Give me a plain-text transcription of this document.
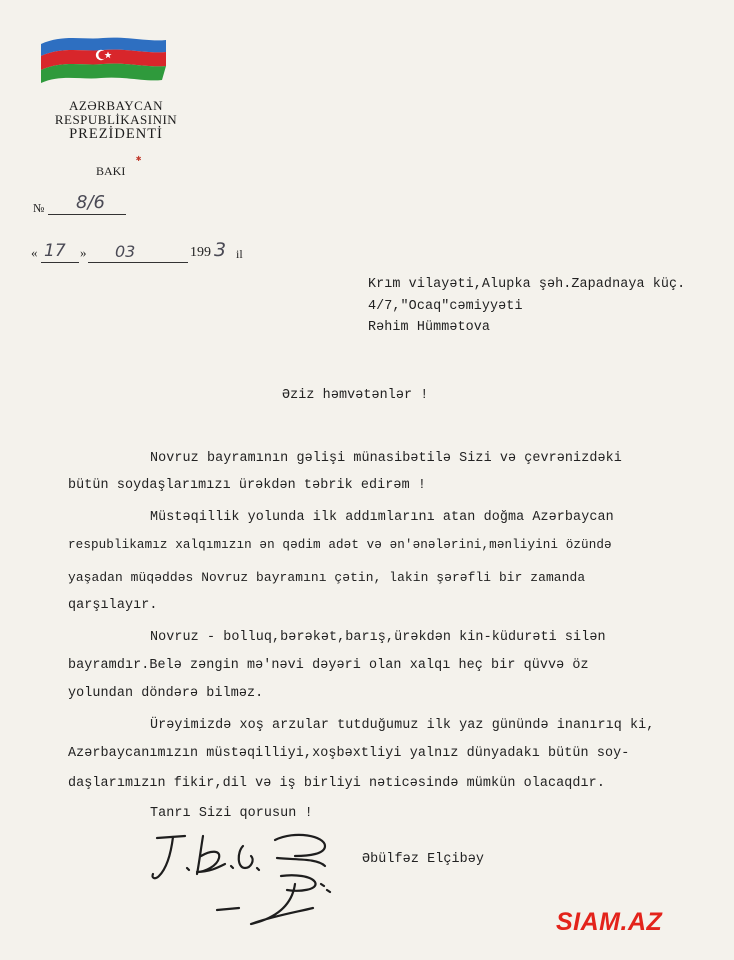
AZƏRBAYCAN
RESPUBLİKASININ
PREZİDENTİ
BAKI
✱
№ 8/6
« 17 » 03	199 3 il
Krım vilayəti,Alupka şəh.Zapadnaya küç.
4/7,"Ocaq"cəmiyyəti
Rəhim Hümmətova
Əziz həmvətənlər !
Novruz bayramının gəlişi münasibətilə Sizi və çevrənizdəki
bütün soydaşlarımızı ürəkdən təbrik edirəm !
Müstəqillik yolunda ilk addımlarını atan doğma Azərbaycan
respublikamız xalqımızın ən qədim adət və ən'ənələrini,mənliyini özündə
yaşadan müqəddəs Novruz bayramını çətin, lakin şərəfli bir zamanda
qarşılayır.
Novruz - bolluq,bərəkət,barış,ürəkdən kin-küdurəti silən
bayramdır.Belə zəngin mə'nəvi dəyəri olan xalqı heç bir qüvvə öz
yolundan döndərə bilməz.
Ürəyimizdə xoş arzular tutduğumuz ilk yaz günündə inanırıq ki,
Azərbaycanımızın müstəqilliyi,xoşbəxtliyi yalnız dünyadakı bütün soy-
daşlarımızın fikir,dil və iş birliyi nəticəsində mümkün olacaqdır.
Tanrı Sizi qorusun !
Əbülfəz Elçibəy
SIAM.AZ
